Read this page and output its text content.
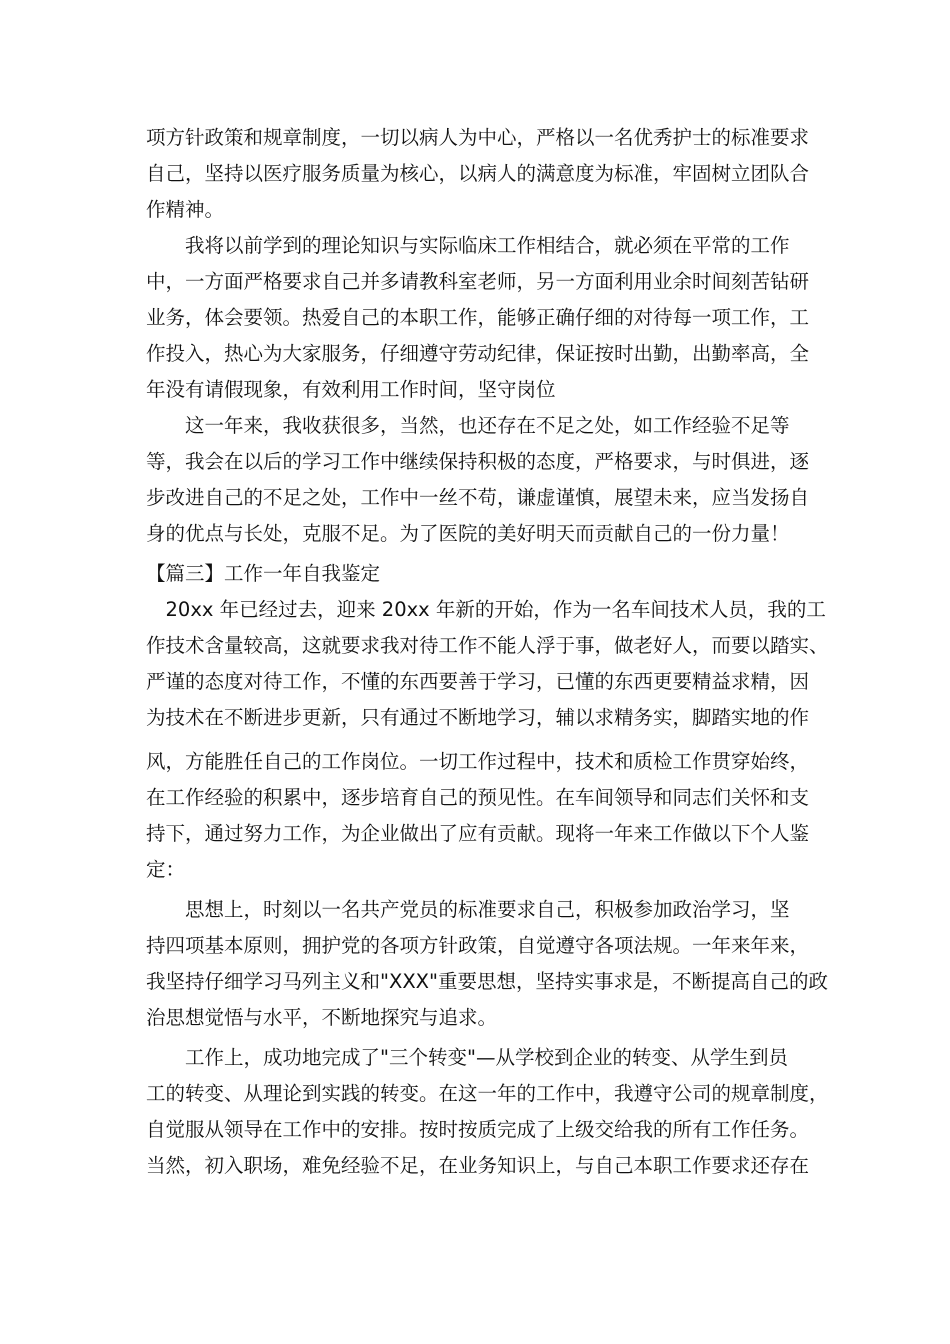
项方针政策和规章制度，一切以病人为中心，严格以一名优秀护士的标准要求
自己，坚持以医疗服务质量为核心，以病人的满意度为标准，牢固树立团队合
作精神。
　　我将以前学到的理论知识与实际临床工作相结合，就必须在平常的工作
中，一方面严格要求自己并多请教科室老师，另一方面利用业余时间刻苦钻研
业务，体会要领。热爱自己的本职工作，能够正确仔细的对待每一项工作，工
作投入，热心为大家服务，仔细遵守劳动纪律，保证按时出勤，出勤率高，全
年没有请假现象，有效利用工作时间，坚守岗位
　　这一年来，我收获很多，当然，也还存在不足之处，如工作经验不足等
等，我会在以后的学习工作中继续保持积极的态度，严格要求，与时俱进，逐
步改进自己的不足之处，工作中一丝不苟，谦虚谨慎，展望未来，应当发扬自
身的优点与长处，克服不足。为了医院的美好明天而贡献自己的一份力量！
【篇三】工作一年自我鉴定
　20xx 年已经过去，迎来 20xx 年新的开始，作为一名车间技术人员，我的工
作技术含量较高，这就要求我对待工作不能人浮于事，做老好人，而要以踏实、
严谨的态度对待工作，不懂的东西要善于学习，已懂的东西更要精益求精，因
为技术在不断进步更新，只有通过不断地学习，辅以求精务实，脚踏实地的作
风，方能胜任自己的工作岗位。一切工作过程中，技术和质检工作贯穿始终，
在工作经验的积累中，逐步培育自己的预见性。在车间领导和同志们关怀和支
持下，通过努力工作，为企业做出了应有贡献。现将一年来工作做以下个人鉴
定：
　　思想上，时刻以一名共产党员的标准要求自己，积极参加政治学习，坚
持四项基本原则，拥护党的各项方针政策，自觉遵守各项法规。一年来年来，
我坚持仔细学习马列主义和"XXX"重要思想，坚持实事求是，不断提高自己的政
治思想觉悟与水平，不断地探究与追求。
　　工作上，成功地完成了"三个转变"—从学校到企业的转变、从学生到员
工的转变、从理论到实践的转变。在这一年的工作中，我遵守公司的规章制度，
自觉服从领导在工作中的安排。按时按质完成了上级交给我的所有工作任务。
当然，初入职场，难免经验不足，在业务知识上，与自己本职工作要求还存在
